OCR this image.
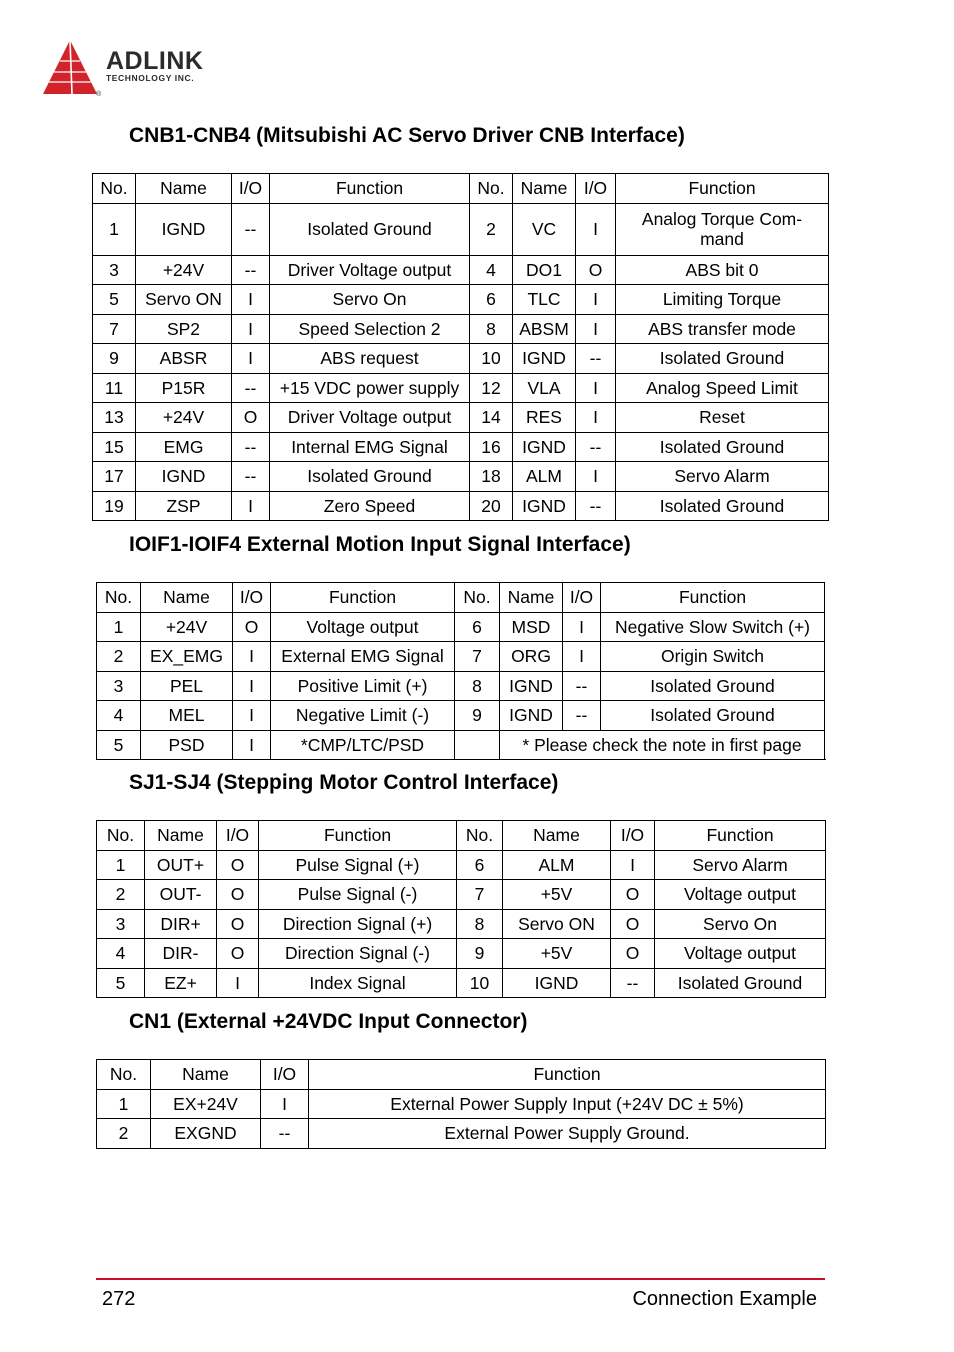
ADLINK
TECHNOLOGY INC.
®
CNB1-CNB4 (Mitsubishi AC Servo Driver CNB Interface)
No.	Name	I/O	Function	No.	Name	I/O	Function
1	IGND	--	Isolated Ground	2	VC	I	Analog Torque Com-
mand
3	+24V	--	Driver Voltage output	4	DO1	O	ABS bit 0
5	Servo ON	I	Servo On	6	TLC	I	Limiting Torque
7	SP2	I	Speed Selection 2	8	ABSM	I	ABS transfer mode
9	ABSR	I	ABS request	10	IGND	--	Isolated Ground
11	P15R	--	+15 VDC power supply	12	VLA	I	Analog Speed Limit
13	+24V	O	Driver Voltage output	14	RES	I	Reset
15	EMG	--	Internal EMG Signal	16	IGND	--	Isolated Ground
17	IGND	--	Isolated Ground	18	ALM	I	Servo Alarm
19	ZSP	I	Zero Speed	20	IGND	--	Isolated Ground
IOIF1-IOIF4 External Motion Input Signal Interface)
No.	Name	I/O	Function	No.	Name	I/O	Function
1	+24V	O	Voltage output	6	MSD	I	Negative Slow Switch (+)
2	EX_EMG	I	External EMG Signal	7	ORG	I	Origin Switch
3	PEL	I	Positive Limit (+)	8	IGND	--	Isolated Ground
4	MEL	I	Negative Limit (-)	9	IGND	--	Isolated Ground
5	PSD	I	*CMP/LTC/PSD		* Please check the note in first page		
SJ1-SJ4 (Stepping Motor Control Interface)
No.	Name	I/O	Function	No.	Name	I/O	Function
1	OUT+	O	Pulse Signal (+)	6	ALM	I	Servo Alarm
2	OUT-	O	Pulse Signal (-)	7	+5V	O	Voltage output
3	DIR+	O	Direction Signal (+)	8	Servo ON	O	Servo On
4	DIR-	O	Direction Signal (-)	9	+5V	O	Voltage output
5	EZ+	I	Index Signal	10	IGND	--	Isolated Ground
CN1 (External +24VDC Input Connector)
No.	Name	I/O	Function
1	EX+24V	I	External Power Supply Input (+24V DC ± 5%)
2	EXGND	--	External Power Supply Ground.
272	Connection Example
